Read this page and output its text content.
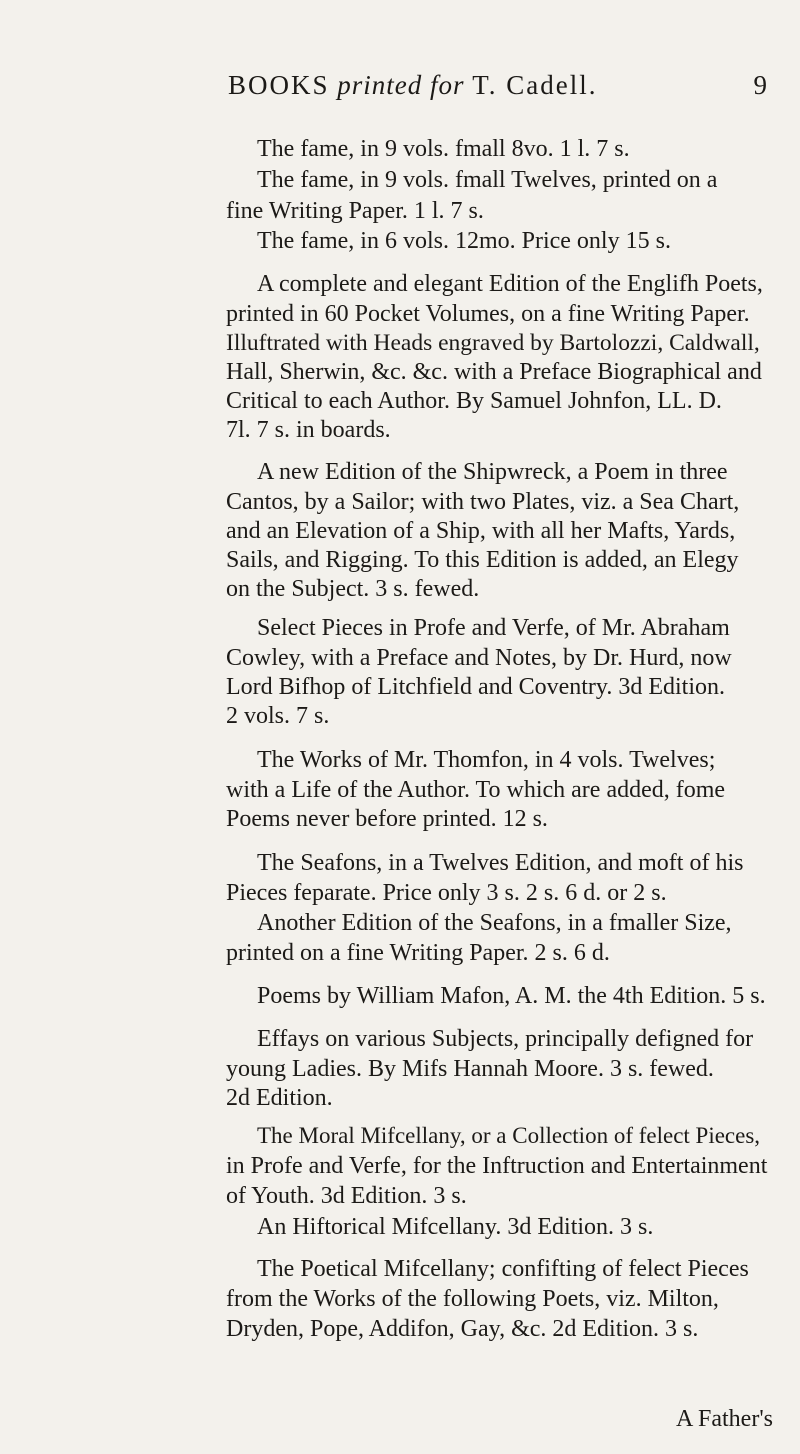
BOOKS printed for T. Cadell.	9
The fame, in 9 vols. fmall 8vo. 1 l. 7 s.
The fame, in 9 vols. fmall Twelves, printed on a
fine Writing Paper. 1 l. 7 s.
The fame, in 6 vols. 12mo. Price only 15 s.
A complete and elegant Edition of the Englifh Poets,
printed in 60 Pocket Volumes, on a fine Writing Paper.
Illuftrated with Heads engraved by Bartolozzi, Caldwall,
Hall, Sherwin, &c. &c. with a Preface Biographical and
Critical to each Author. By Samuel Johnfon, LL. D.
7l. 7 s. in boards.
A new Edition of the Shipwreck, a Poem in three
Cantos, by a Sailor; with two Plates, viz. a Sea Chart,
and an Elevation of a Ship, with all her Mafts, Yards,
Sails, and Rigging. To this Edition is added, an Elegy
on the Subject. 3 s. fewed.
Select Pieces in Profe and Verfe, of Mr. Abraham
Cowley, with a Preface and Notes, by Dr. Hurd, now
Lord Bifhop of Litchfield and Coventry. 3d Edition.
2 vols. 7 s.
The Works of Mr. Thomfon, in 4 vols. Twelves;
with a Life of the Author. To which are added, fome
Poems never before printed. 12 s.
The Seafons, in a Twelves Edition, and moft of his
Pieces feparate. Price only 3 s. 2 s. 6 d. or 2 s.
Another Edition of the Seafons, in a fmaller Size,
printed on a fine Writing Paper. 2 s. 6 d.
Poems by William Mafon, A. M. the 4th Edition. 5 s.
Effays on various Subjects, principally defigned for
young Ladies. By Mifs Hannah Moore. 3 s. fewed.
2d Edition.
The Moral Mifcellany, or a Collection of felect Pieces,
in Profe and Verfe, for the Inftruction and Entertainment
of Youth. 3d Edition. 3 s.
An Hiftorical Mifcellany. 3d Edition. 3 s.
The Poetical Mifcellany; confifting of felect Pieces
from the Works of the following Poets, viz. Milton,
Dryden, Pope, Addifon, Gay, &c. 2d Edition. 3 s.
A Father's
